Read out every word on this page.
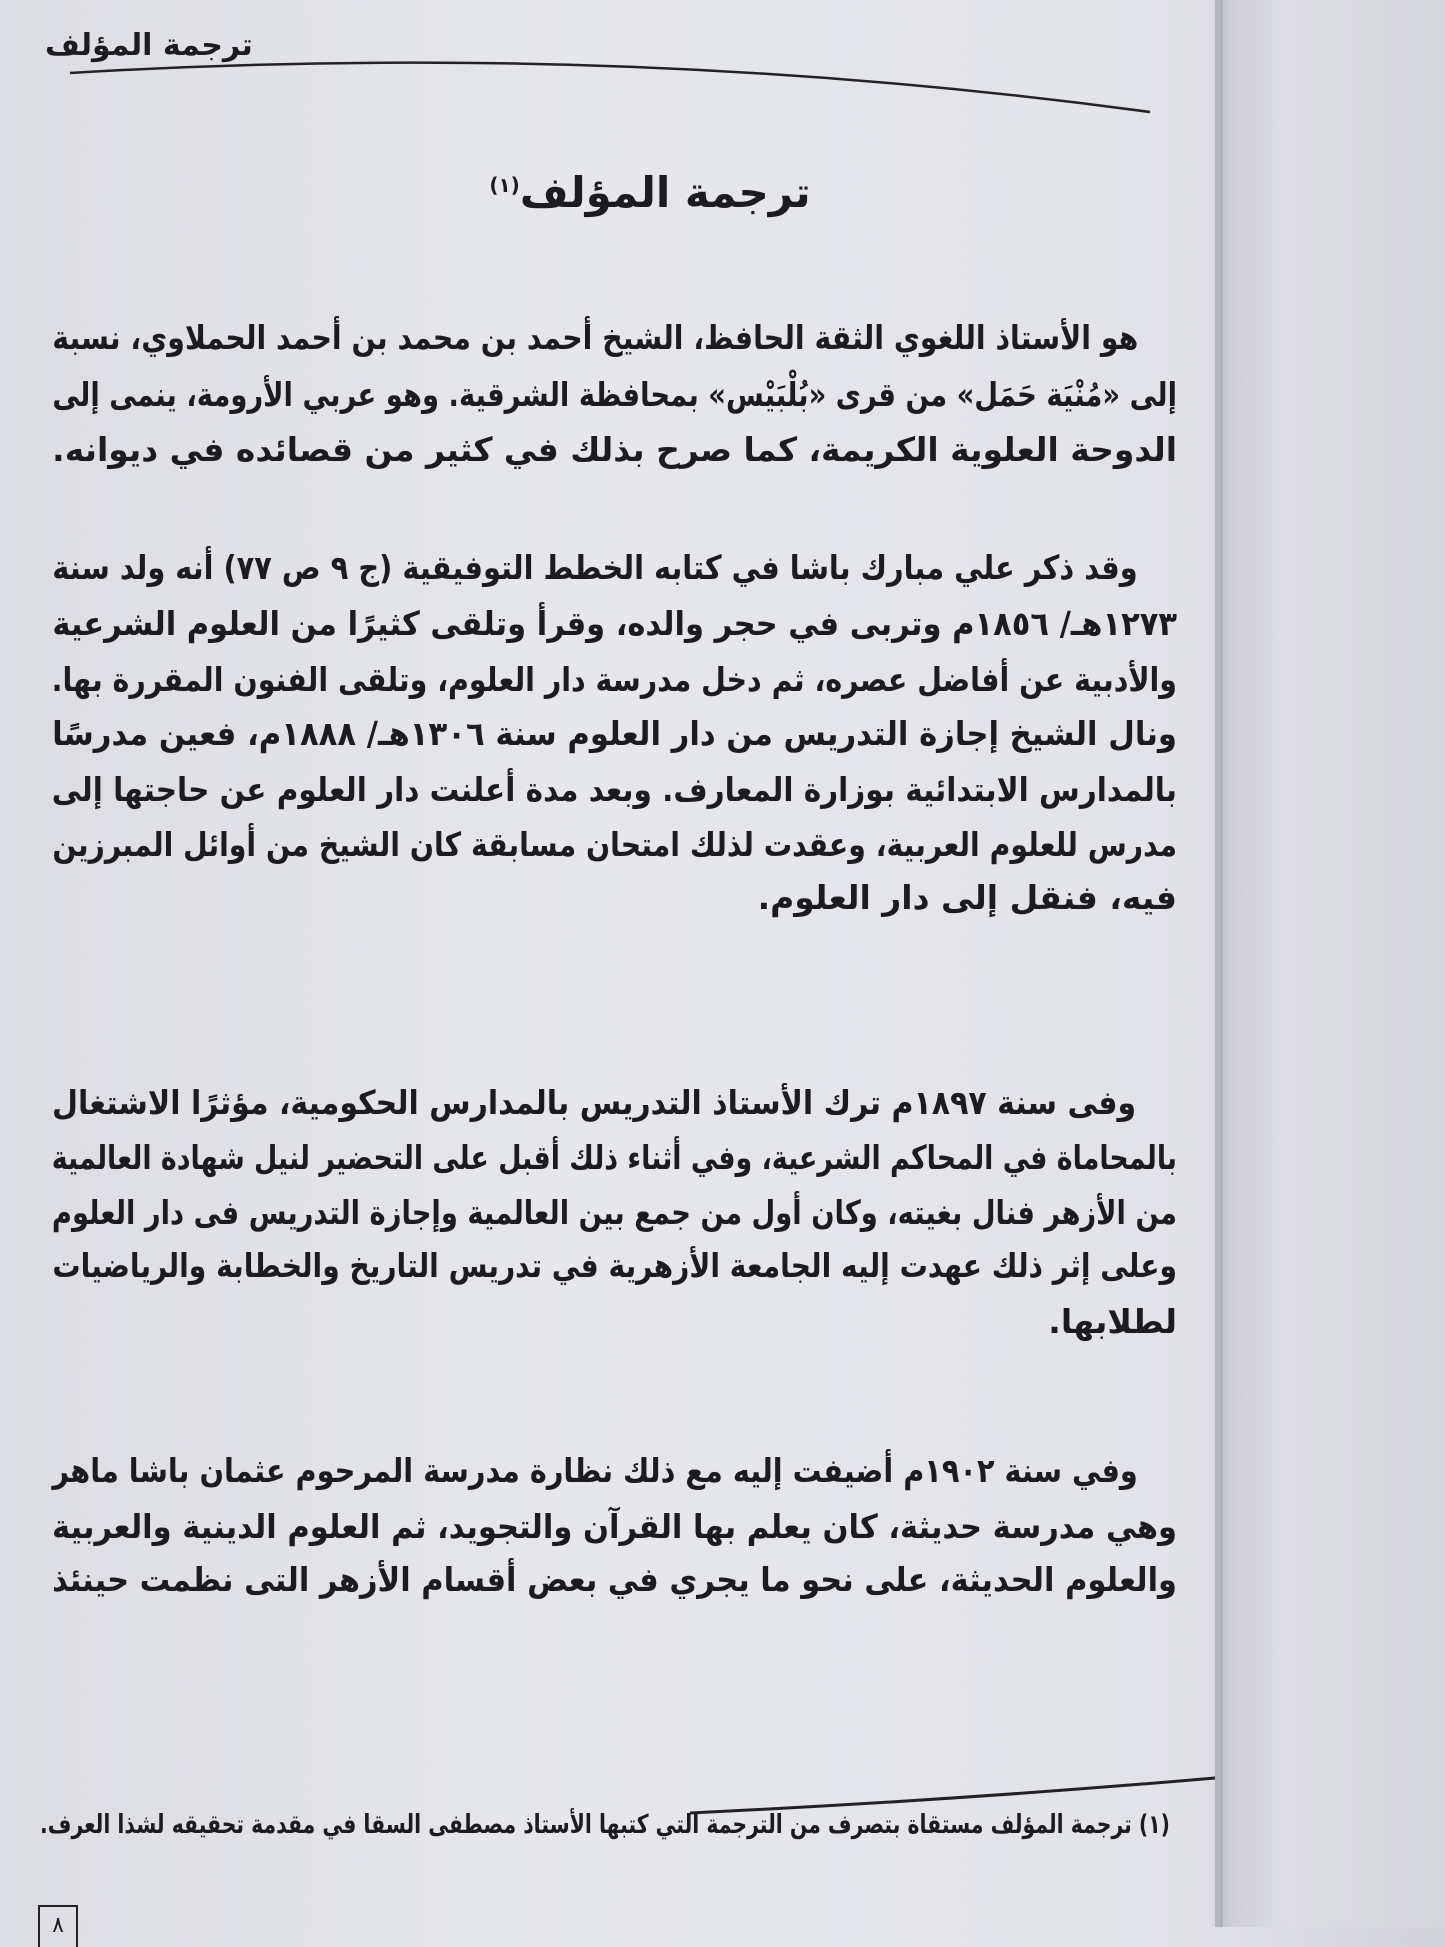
ترجمة المؤلف
ترجمة المؤلف$^{(١)}$
هو الأستاذ اللغوي الثقة الحافظ، الشيخ أحمد بن محمد بن أحمد الحملاوي، نسبة
إلى «مُنْيَة حَمَل» من قرى «بُلْبَيْس» بمحافظة الشرقية. وهو عربي الأرومة، ينمى إلى
الدوحة العلوية الكريمة، كما صرح بذلك في كثير من قصائده في ديوانه.
وقد ذكر علي مبارك باشا في كتابه الخطط التوفيقية (ج ٩ ص ٧٧) أنه ولد سنة
١٢٧٣هـ/ ١٨٥٦م وتربى في حجر والده، وقرأ وتلقى كثيرًا من العلوم الشرعية
والأدبية عن أفاضل عصره، ثم دخل مدرسة دار العلوم، وتلقى الفنون المقررة بها.
ونال الشيخ إجازة التدريس من دار العلوم سنة ١٣٠٦هـ/ ١٨٨٨م، فعين مدرسًا
بالمدارس الابتدائية بوزارة المعارف. وبعد مدة أعلنت دار العلوم عن حاجتها إلى
مدرس للعلوم العربية، وعقدت لذلك امتحان مسابقة كان الشيخ من أوائل المبرزين
فيه، فنقل إلى دار العلوم.
وفى سنة ١٨٩٧م ترك الأستاذ التدريس بالمدارس الحكومية، مؤثرًا الاشتغال
بالمحاماة في المحاكم الشرعية، وفي أثناء ذلك أقبل على التحضير لنيل شهادة العالمية
من الأزهر فنال بغيته، وكان أول من جمع بين العالمية وإجازة التدريس فى دار العلوم
وعلى إثر ذلك عهدت إليه الجامعة الأزهرية في تدريس التاريخ والخطابة والرياضيات
لطلابها.
وفي سنة ١٩٠٢م أضيفت إليه مع ذلك نظارة مدرسة المرحوم عثمان باشا ماهر
وهي مدرسة حديثة، كان يعلم بها القرآن والتجويد، ثم العلوم الدينية والعربية
والعلوم الحديثة، على نحو ما يجري في بعض أقسام الأزهر التى نظمت حينئذ
(١) ترجمة المؤلف مستقاة بتصرف من الترجمة التي كتبها الأستاذ مصطفى السقا في مقدمة تحقيقه لشذا العرف.
٨
